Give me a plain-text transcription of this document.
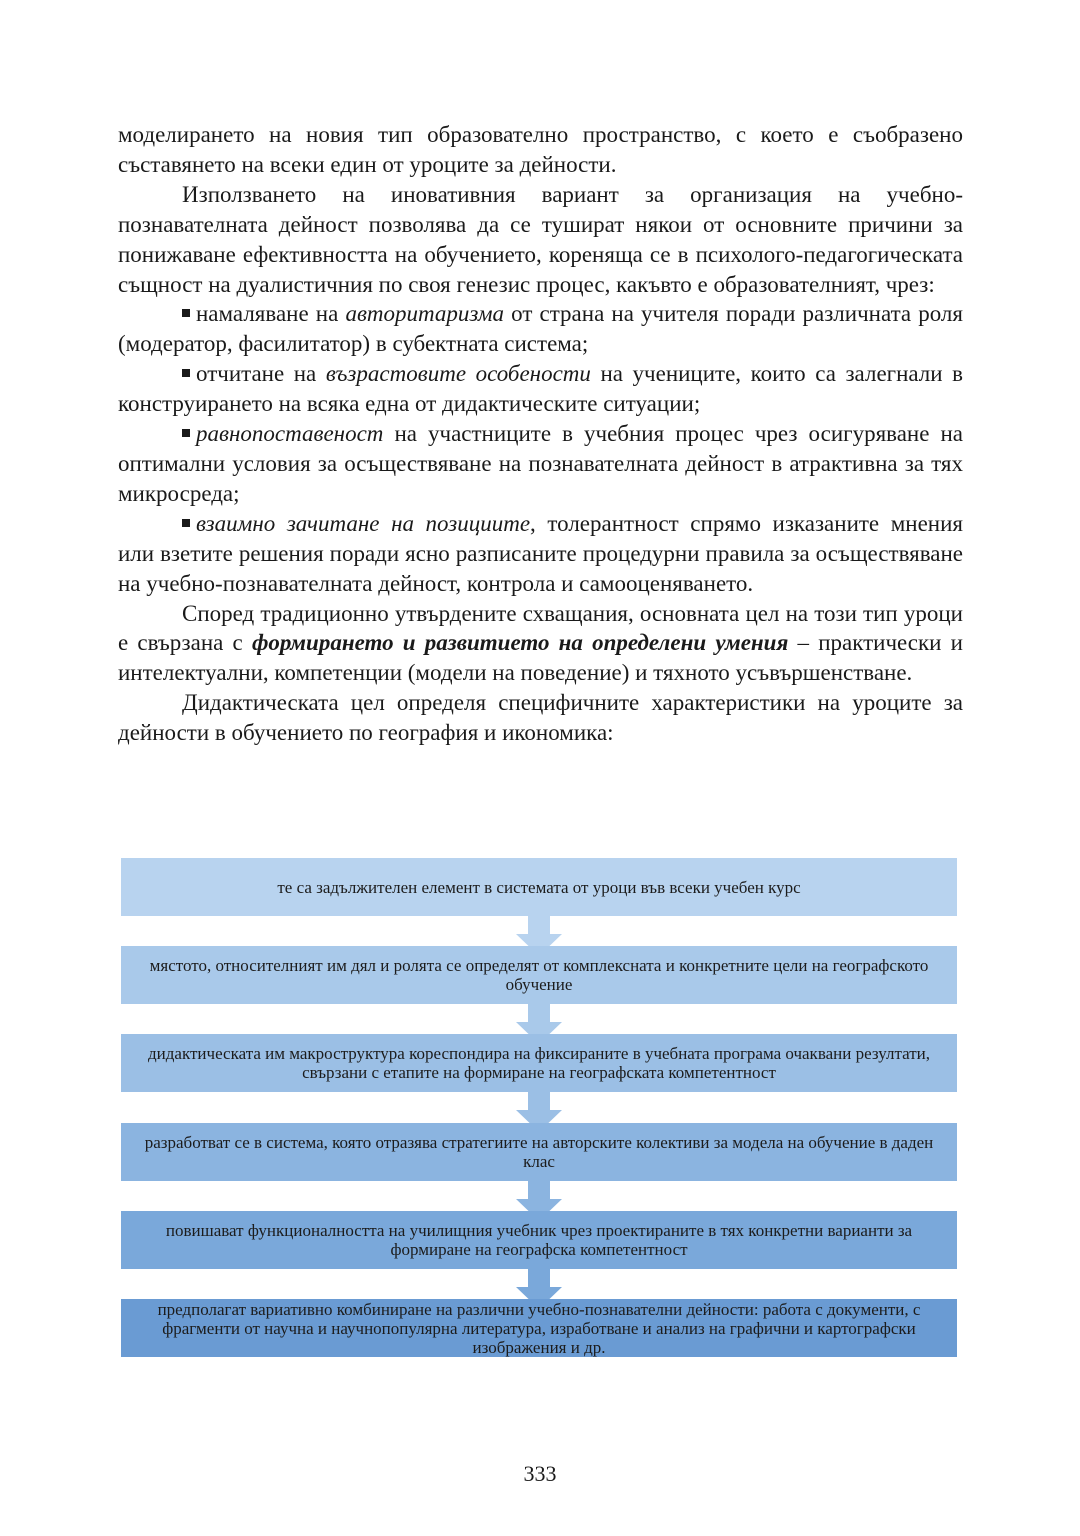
моделирането на новия тип образователно пространство, с което е съобразено съставянето на всеки един от уроците за дейности.

Използването на иновативния вариант за организация на учебно-познавателната дейност позволява да се тушират някои от основните причини за понижаване ефективността на обучението, кореняща се в психолого-педагогическата същност на дуалистичния по своя генезис процес, какъвто е образователният, чрез:

намаляване на авторитаризма от страна на учителя поради различната роля (модератор, фасилитатор) в субектната система;

отчитане на възрастовите особености на учениците, които са залегнали в конструирането на всяка една от дидактическите ситуации;

равнопоставеност на участниците в учебния процес чрез осигуряване на оптимални условия за осъществяване на познавателната дейност в атрактивна за тях микросреда;

взаимно зачитане на позициите, толерантност спрямо изказаните мнения или взетите решения поради ясно разписаните процедурни правила за осъществяване на учебно-познавателната дейност, контрола и самооценяването.

Според традиционно утвърдените схващания, основната цел на този тип уроци е свързана с формирането и развитието на определени умения – практически и интелектуални, компетенции (модели на поведение) и тяхното усъвършенстване.

Дидактическата цел определя специфичните характеристики на уроците за дейности в обучението по география и икономика:

те са задължителен елемент в системата от уроци във всеки учебен курс
мястото, относителният им дял и ролята се определят от комплексната и конкретните цели на географското обучение
дидактическата им макроструктура кореспондира на фиксираните в учебната програма очаквани резултати, свързани с етапите на формиране на географската компетентност
разработват се в система, която отразява стратегиите на авторските колективи за модела на обучение в даден клас
повишават функционалността на училищния учебник чрез проектираните в тях конкретни варианти за формиране на географска компетентност
предполагат вариативно комбиниране на различни учебно-познавателни дейности: работа с документи, с фрагменти от научна и научнопопулярна литература, изработване и анализ на графични и картографски изображения и др.
333
